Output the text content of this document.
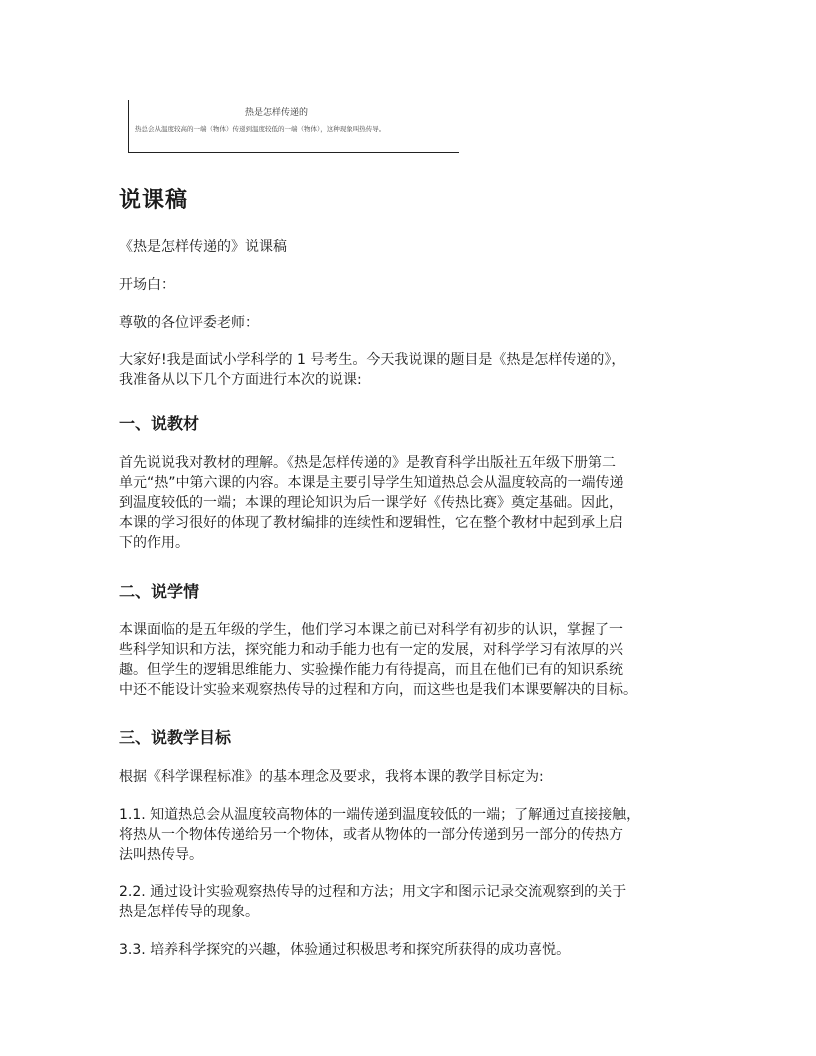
热是怎样传递的
热总会从温度较高的一端（物体）传递到温度较低的一端（物体），这种现象叫热传导。
说课稿

《热是怎样传递的》说课稿

开场白：

尊敬的各位评委老师：

大家好!我是面试小学科学的 1 号考生。今天我说课的题目是《热是怎样传递的》，
我准备从以下几个方面进行本次的说课:

一、说教材

首先说说我对教材的理解。《热是怎样传递的》是教育科学出版社五年级下册第二
单元“热”中第六课的内容。本课是主要引导学生知道热总会从温度较高的一端传递
到温度较低的一端；本课的理论知识为后一课学好《传热比赛》奠定基础。因此，
本课的学习很好的体现了教材编排的连续性和逻辑性，它在整个教材中起到承上启
下的作用。

二、说学情

本课面临的是五年级的学生，他们学习本课之前已对科学有初步的认识，掌握了一
些科学知识和方法，探究能力和动手能力也有一定的发展，对科学学习有浓厚的兴
趣。但学生的逻辑思维能力、实验操作能力有待提高，而且在他们已有的知识系统
中还不能设计实验来观察热传导的过程和方向，而这些也是我们本课要解决的目标。

三、说教学目标

根据《科学课程标准》的基本理念及要求，我将本课的教学目标定为:

1.1. 知道热总会从温度较高物体的一端传递到温度较低的一端；了解通过直接接触，
将热从一个物体传递给另一个物体，或者从物体的一部分传递到另一部分的传热方
法叫热传导。

2.2. 通过设计实验观察热传导的过程和方法；用文字和图示记录交流观察到的关于
热是怎样传导的现象。

3.3. 培养科学探究的兴趣，体验通过积极思考和探究所获得的成功喜悦。
